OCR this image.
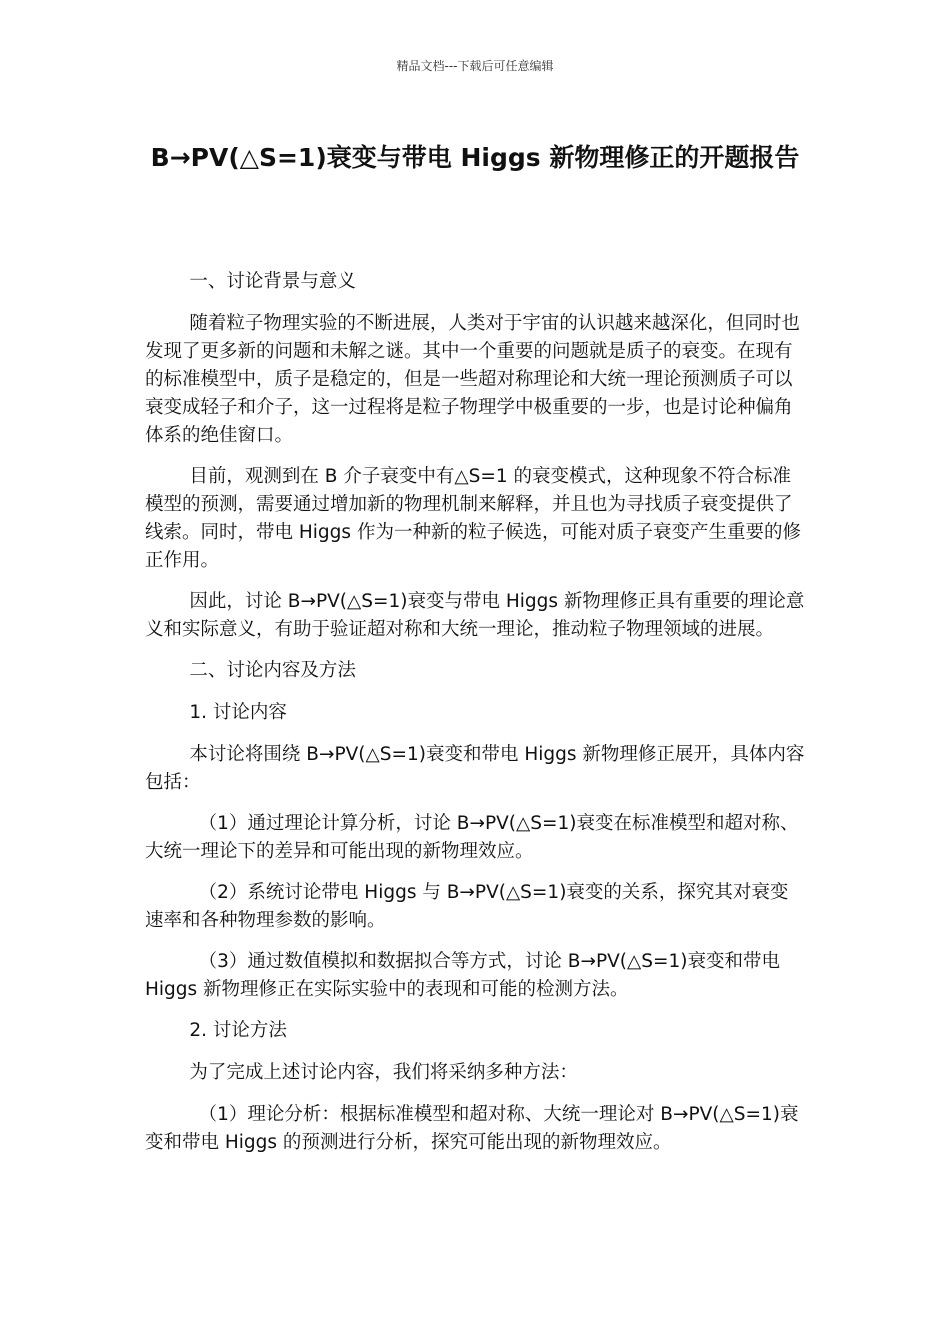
精品文档---下载后可任意编辑
B→PV(△S=1)衰变与带电 Higgs 新物理修正的开题报告

一、讨论背景与意义

随着粒子物理实验的不断进展，人类对于宇宙的认识越来越深化，但同时也发现了更多新的问题和未解之谜。其中一个重要的问题就是质子的衰变。在现有的标准模型中，质子是稳定的，但是一些超对称理论和大统一理论预测质子可以衰变成轻子和介子，这一过程将是粒子物理学中极重要的一步，也是讨论种偏角体系的绝佳窗口。

目前，观测到在 B 介子衰变中有△S=1 的衰变模式，这种现象不符合标准模型的预测，需要通过增加新的物理机制来解释，并且也为寻找质子衰变提供了线索。同时，带电 Higgs 作为一种新的粒子候选，可能对质子衰变产生重要的修正作用。

因此，讨论 B→PV(△S=1)衰变与带电 Higgs 新物理修正具有重要的理论意义和实际意义，有助于验证超对称和大统一理论，推动粒子物理领域的进展。

二、讨论内容及方法

1. 讨论内容

本讨论将围绕 B→PV(△S=1)衰变和带电 Higgs 新物理修正展开，具体内容包括：

（1）通过理论计算分析，讨论 B→PV(△S=1)衰变在标准模型和超对称、大统一理论下的差异和可能出现的新物理效应。

（2）系统讨论带电 Higgs 与 B→PV(△S=1)衰变的关系，探究其对衰变速率和各种物理参数的影响。

（3）通过数值模拟和数据拟合等方式，讨论 B→PV(△S=1)衰变和带电 Higgs 新物理修正在实际实验中的表现和可能的检测方法。

2. 讨论方法

为了完成上述讨论内容，我们将采纳多种方法：

（1）理论分析：根据标准模型和超对称、大统一理论对 B→PV(△S=1)衰变和带电 Higgs 的预测进行分析，探究可能出现的新物理效应。
